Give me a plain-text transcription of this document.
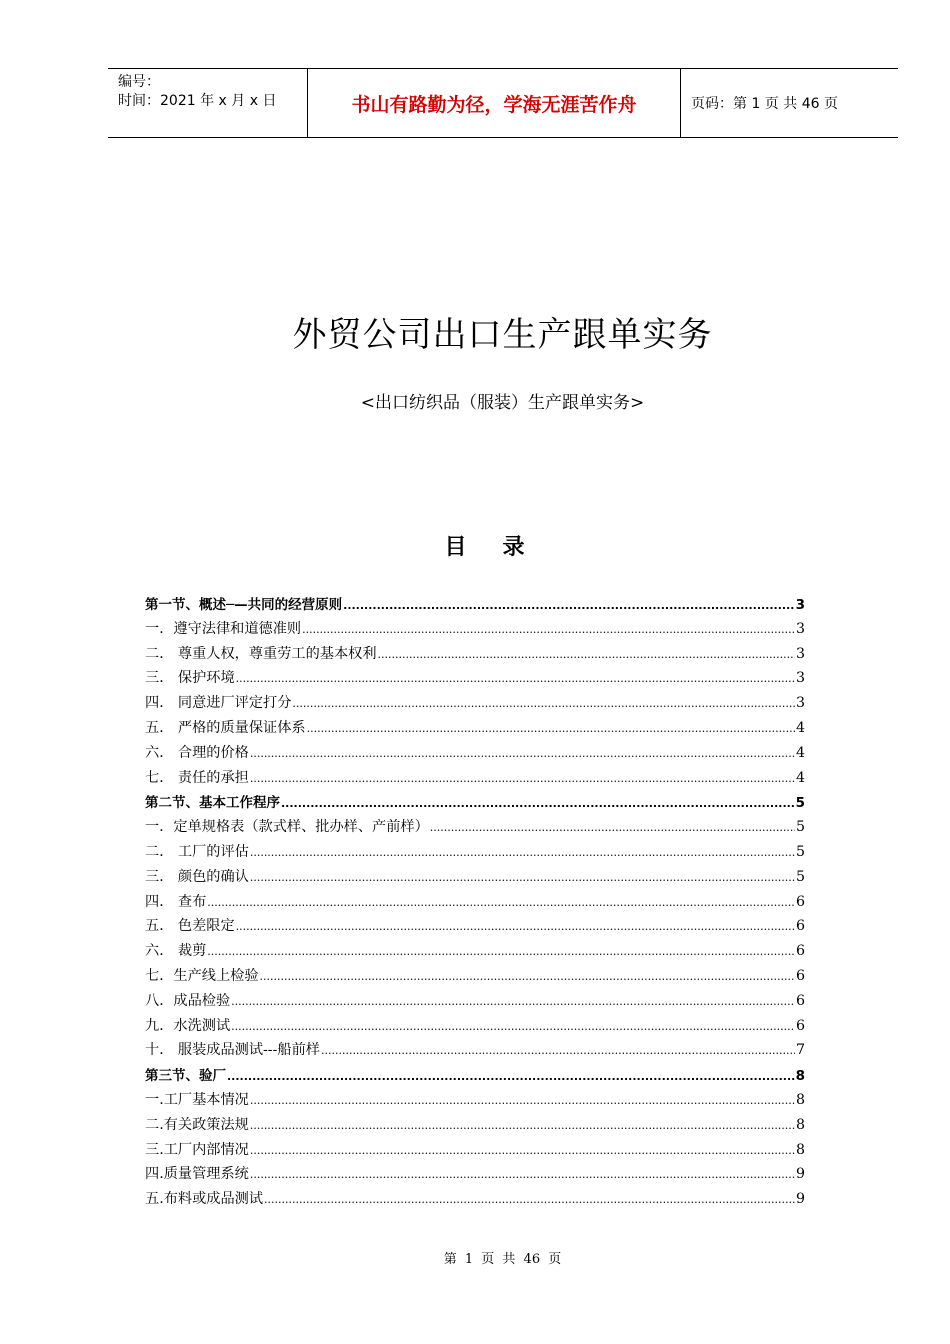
编号：
时间：2021 年 x 月 x 日	书山有路勤为径，学海无涯苦作舟	页码：第 1 页 共 46 页
外贸公司出口生产跟单实务
<出口纺织品（服装）生产跟单实务>
目录
第一节、概述─—共同的经营原则 .....	3
一．遵守法律和道德准则 .....	3
二． 尊重人权，尊重劳工的基本权利 .....	3
三． 保护环境 .....	3
四． 同意进厂评定打分 .....	3
五． 严格的质量保证体系 .....	4
六． 合理的价格 .....	4
七． 责任的承担 .....	4
第二节、基本工作程序 .....	5
一．定单规格表（款式样、批办样、产前样） .....	5
二． 工厂的评估 .....	5
三． 颜色的确认 .....	5
四． 查布 .....	6
五． 色差限定 .....	6
六． 裁剪 .....	6
七．生产线上检验 .....	6
八．成品检验 .....	6
九．水洗测试 .....	6
十． 服装成品测试---船前样 .....	7
第三节、验厂 .....	8
一.工厂基本情况 .....	8
二.有关政策法规 .....	8
三.工厂内部情况 .....	8
四.质量管理系统 .....	9
五.布料或成品测试 .....	9
第 1 页 共 46 页
